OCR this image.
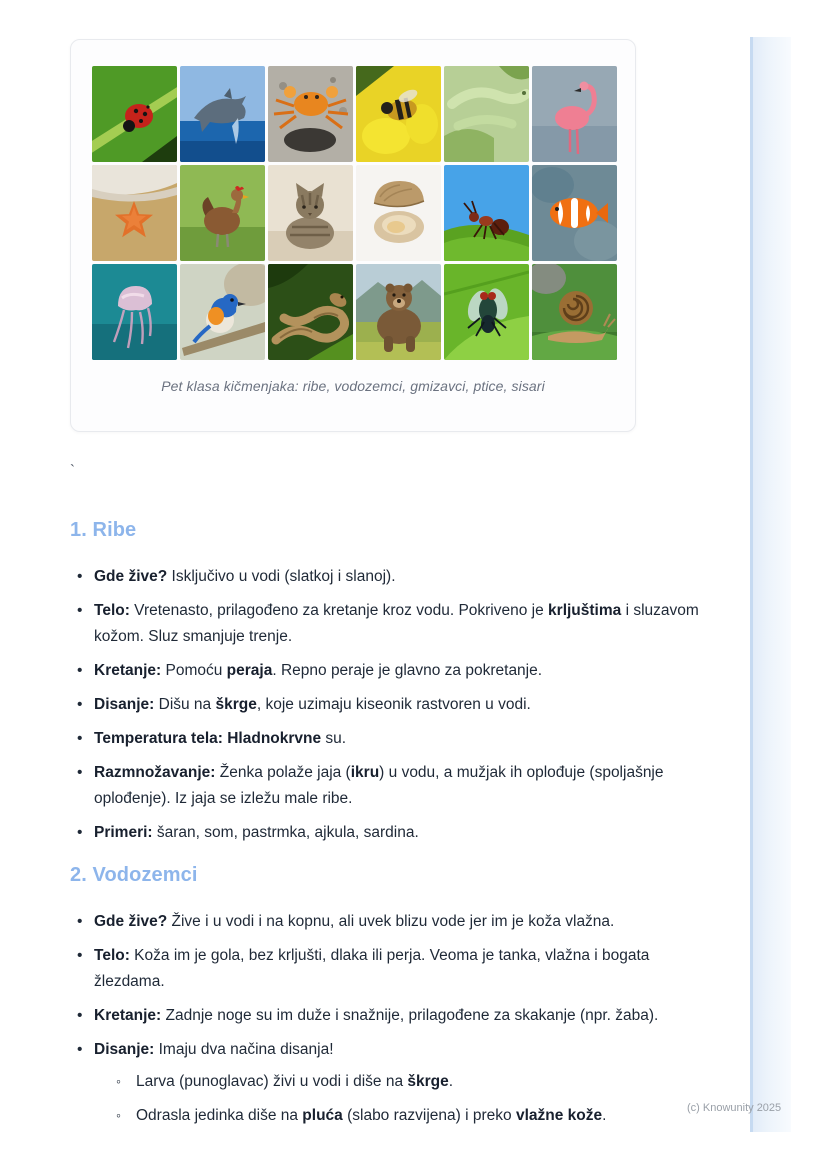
Pet klasa kičmenjaka: ribe, vodozemci, gmizavci, ptice, sisari
`
1. Ribe
• Gde žive? Isključivo u vodi (slatkoj i slanoj).
• Telo: Vretenasto, prilagođeno za kretanje kroz vodu. Pokriveno je krljuštima i sluzavom kožom. Sluz smanjuje trenje.
• Kretanje: Pomoću peraja. Repno peraje je glavno za pokretanje.
• Disanje: Dišu na škrge, koje uzimaju kiseonik rastvoren u vodi.
• Temperatura tela: Hladnokrvne su.
• Razmnožavanje: Ženka polaže jaja (ikru) u vodu, a mužjak ih oplođuje (spoljašnje oplođenje). Iz jaja se izležu male ribe.
• Primeri: šaran, som, pastrmka, ajkula, sardina.
2. Vodozemci
• Gde žive? Žive i u vodi i na kopnu, ali uvek blizu vode jer im je koža vlažna.
• Telo: Koža im je gola, bez krljušti, dlaka ili perja. Veoma je tanka, vlažna i bogata žlezdama.
• Kretanje: Zadnje noge su im duže i snažnije, prilagođene za skakanje (npr. žaba).
• Disanje: Imaju dva načina disanja!
◦ Larva (punoglavac) živi u vodi i diše na škrge.
◦ Odrasla jedinka diše na pluća (slabo razvijena) i preko vlažne kože.	(c) Knowunity 2025
